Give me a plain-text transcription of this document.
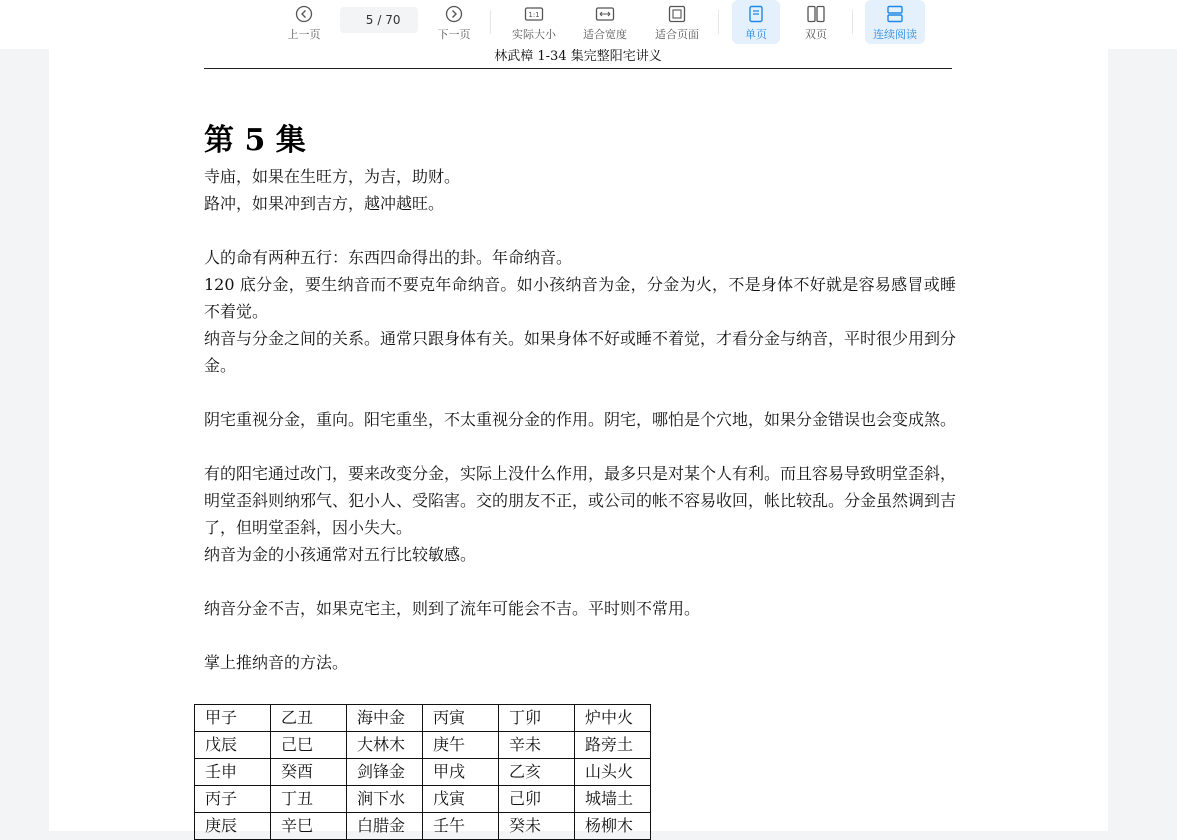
上一页
5 / 70
下一页
1:1
实际大小 适合宽度	适合页面	单页	双页	连续阅读
林武樟 1-34 集完整阳宅讲义
第 5 集

寺庙，如果在生旺方，为吉，助财。

路冲，如果冲到吉方，越冲越旺。

人的命有两种五行：东西四命得出的卦。年命纳音。

120 底分金，要生纳音而不要克年命纳音。如小孩纳音为金，分金为火，不是身体不好就是容易感冒或睡不着觉。

纳音与分金之间的关系。通常只跟身体有关。如果身体不好或睡不着觉，才看分金与纳音，平时很少用到分金。

阴宅重视分金，重向。阳宅重坐，不太重视分金的作用。阴宅，哪怕是个穴地，如果分金错误也会变成煞。

有的阳宅通过改门，要来改变分金，实际上没什么作用，最多只是对某个人有利。而且容易导致明堂歪斜，明堂歪斜则纳邪气、犯小人、受陷害。交的朋友不正，或公司的帐不容易收回，帐比较乱。分金虽然调到吉了，但明堂歪斜，因小失大。

纳音为金的小孩通常对五行比较敏感。

纳音分金不吉，如果克宅主，则到了流年可能会不吉。平时则不常用。

掌上推纳音的方法。

甲子	乙丑	海中金	丙寅	丁卯	炉中火
戊辰	己巳	大林木	庚午	辛未	路旁土
壬申	癸酉	剑锋金	甲戌	乙亥	山头火
丙子	丁丑	涧下水	戊寅	己卯	城墙土
庚辰	辛巳	白腊金	壬午	癸未	杨柳木
